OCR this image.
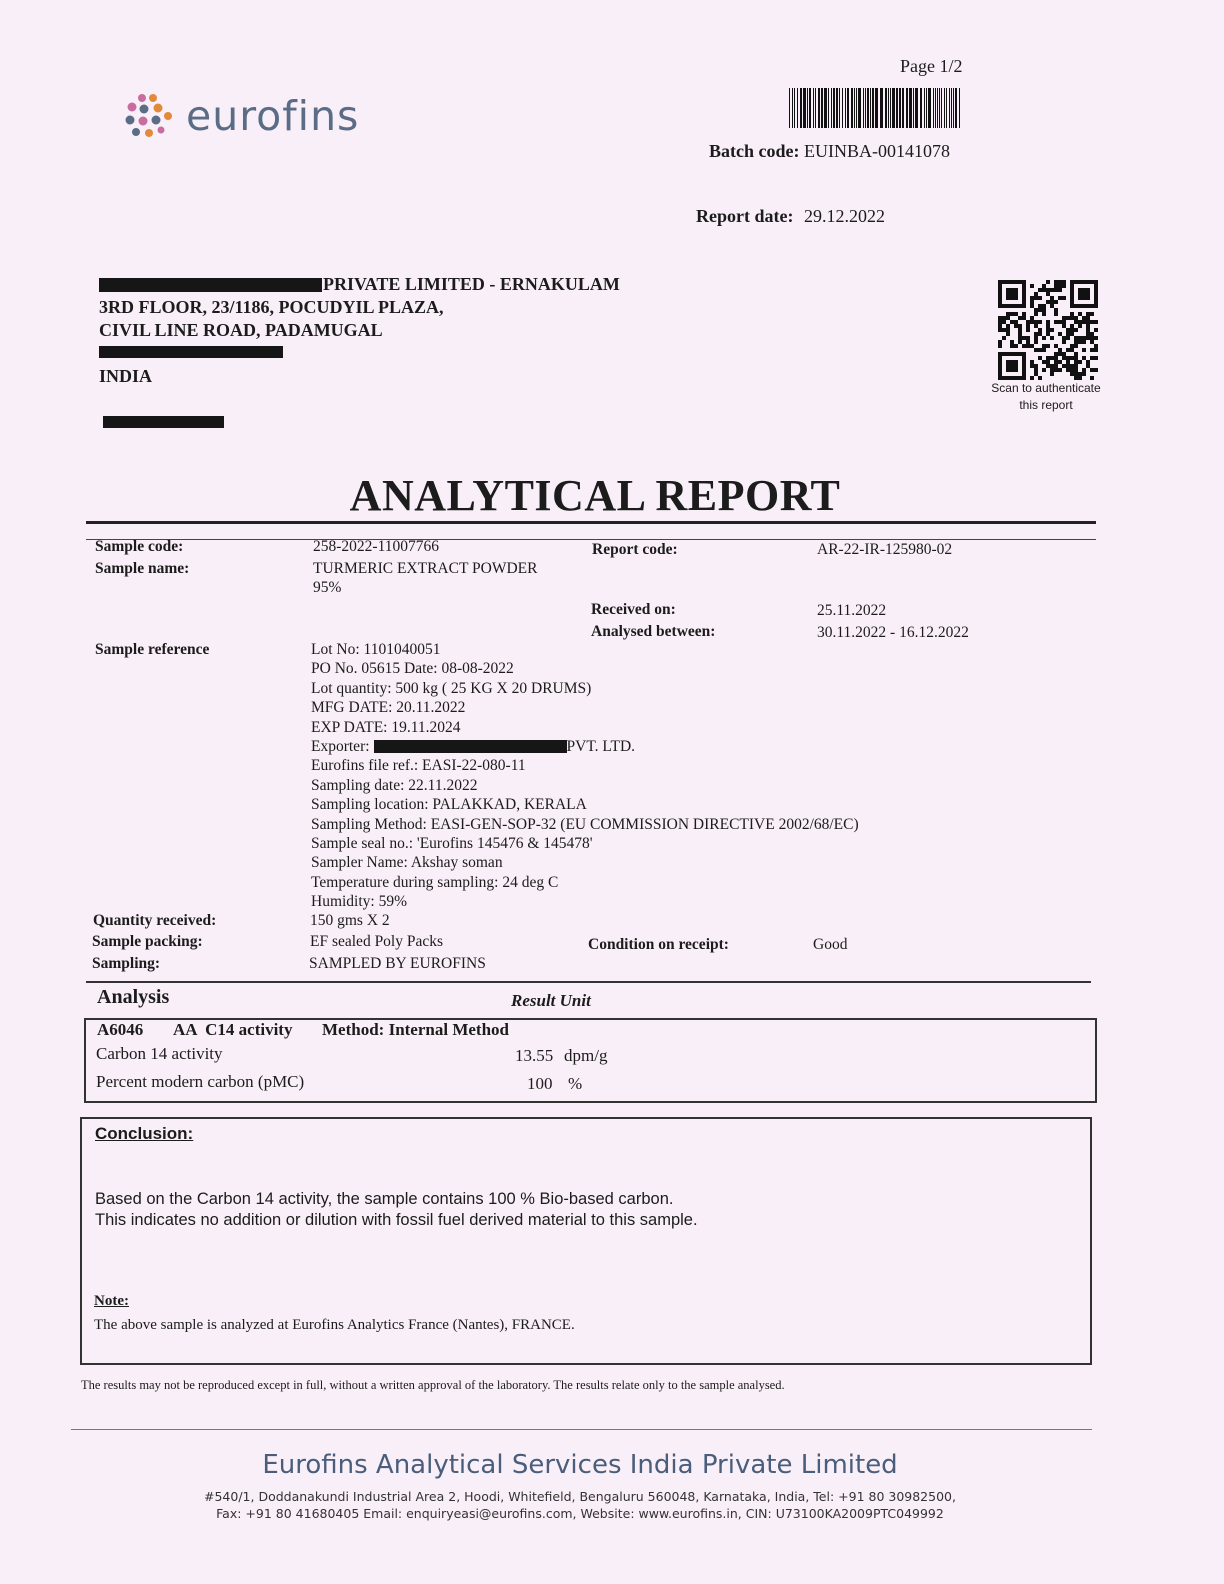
eurofins
Page 1/2
Batch code: EUINBA-00141078
Report date: 29.12.2022
PRIVATE LIMITED - ERNAKULAM
3RD FLOOR, 23/1186, POCUDYIL PLAZA,
CIVIL LINE ROAD, PADAMUGAL
INDIA
Scan to authenticate
this report
ANALYTICAL REPORT
Sample code:	258-2022-11007766
Sample name:	TURMERIC EXTRACT POWDER
95%
Report code:	AR-22-IR-125980-02
Received on:	25.11.2022
Analysed between:	30.11.2022 - 16.12.2022
Sample reference	Lot No: 1101040051
PO No. 05615 Date: 08-08-2022
Lot quantity: 500 kg ( 25 KG X 20 DRUMS)
MFG DATE: 20.11.2022
EXP DATE: 19.11.2024
Exporter:	PVT. LTD.
Eurofins file ref.: EASI-22-080-11
Sampling date: 22.11.2022
Sampling location: PALAKKAD, KERALA
Sampling Method: EASI-GEN-SOP-32 (EU COMMISSION DIRECTIVE 2002/68/EC)
Sample seal no.: 'Eurofins 145476 & 145478'
Sampler Name: Akshay soman
Temperature during sampling: 24 deg C
Humidity: 59%
Quantity received:	150 gms X 2
Sample packing:	EF sealed Poly Packs	Condition on receipt:	Good
Sampling:	SAMPLED BY EUROFINS
Analysis	Result Unit
A6046 AA  C14 activity Method: Internal Method
Carbon 14 activity	13.55 dpm/g
Percent modern carbon (pMC)	100 %
Conclusion:
Based on the Carbon 14 activity, the sample contains 100 % Bio-based carbon.
This indicates no addition or dilution with fossil fuel derived material to this sample.
Note:
The above sample is analyzed at Eurofins Analytics France (Nantes), FRANCE.
The results may not be reproduced except in full, without a written approval of the laboratory. The results relate only to the sample analysed.
Eurofins Analytical Services India Private Limited
#540/1, Doddanakundi Industrial Area 2, Hoodi, Whitefield, Bengaluru 560048, Karnataka, India, Tel: +91 80 30982500,
Fax: +91 80 41680405 Email: enquiryeasi@eurofins.com, Website: www.eurofins.in, CIN: U73100KA2009PTC049992
